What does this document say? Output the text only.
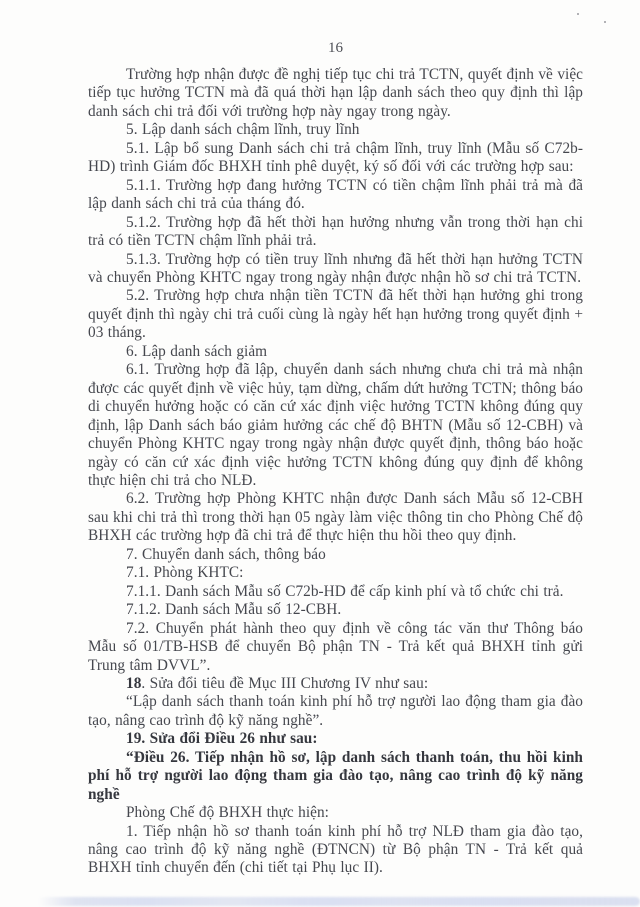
16

Trường hợp nhận được đề nghị tiếp tục chi trả TCTN, quyết định về việc tiếp tục hưởng TCTN mà đã quá thời hạn lập danh sách theo quy định thì lập danh sách chi trả đối với trường hợp này ngay trong ngày.

5. Lập danh sách chậm lĩnh, truy lĩnh

5.1. Lập bổ sung Danh sách chi trả chậm lĩnh, truy lĩnh (Mẫu số C72b-HD) trình Giám đốc BHXH tỉnh phê duyệt, ký số đối với các trường hợp sau:

5.1.1. Trường hợp đang hưởng TCTN có tiền chậm lĩnh phải trả mà đã lập danh sách chi trả của tháng đó.

5.1.2. Trường hợp đã hết thời hạn hưởng nhưng vẫn trong thời hạn chi trả có tiền TCTN chậm lĩnh phải trả.

5.1.3. Trường hợp có tiền truy lĩnh nhưng đã hết thời hạn hưởng TCTN và chuyển Phòng KHTC ngay trong ngày nhận được nhận hồ sơ chi trả TCTN.

5.2. Trường hợp chưa nhận tiền TCTN đã hết thời hạn hưởng ghi trong quyết định thì ngày chi trả cuối cùng là ngày hết hạn hưởng trong quyết định + 03 tháng.

6. Lập danh sách giảm

6.1. Trường hợp đã lập, chuyển danh sách nhưng chưa chi trả mà nhận được các quyết định về việc hủy, tạm dừng, chấm dứt hưởng TCTN; thông báo di chuyển hưởng hoặc có căn cứ xác định việc hưởng TCTN không đúng quy định, lập Danh sách báo giảm hưởng các chế độ BHTN (Mẫu số 12-CBH) và chuyển Phòng KHTC ngay trong ngày nhận được quyết định, thông báo hoặc ngày có căn cứ xác định việc hưởng TCTN không đúng quy định để không thực hiện chi trả cho NLĐ.

6.2. Trường hợp Phòng KHTC nhận được Danh sách Mẫu số 12-CBH sau khi chi trả thì trong thời hạn 05 ngày làm việc thông tin cho Phòng Chế độ BHXH các trường hợp đã chi trả để thực hiện thu hồi theo quy định.

7. Chuyển danh sách, thông báo

7.1. Phòng KHTC:

7.1.1. Danh sách Mẫu số C72b-HD để cấp kinh phí và tổ chức chi trả.

7.1.2. Danh sách Mẫu số 12-CBH.

7.2. Chuyển phát hành theo quy định về công tác văn thư Thông báo Mẫu số 01/TB-HSB để chuyển Bộ phận TN - Trả kết quả BHXH tỉnh gửi Trung tâm DVVL”.

18. Sửa đổi tiêu đề Mục III Chương IV như sau:

“Lập danh sách thanh toán kinh phí hỗ trợ người lao động tham gia đào tạo, nâng cao trình độ kỹ năng nghề”.

19. Sửa đổi Điều 26 như sau:

“Điều 26. Tiếp nhận hồ sơ, lập danh sách thanh toán, thu hồi kinh phí hỗ trợ người lao động tham gia đào tạo, nâng cao trình độ kỹ năng nghề

Phòng Chế độ BHXH thực hiện:

1. Tiếp nhận hồ sơ thanh toán kinh phí hỗ trợ NLĐ tham gia đào tạo, nâng cao trình độ kỹ năng nghề (ĐTNCN) từ Bộ phận TN - Trả kết quả BHXH tỉnh chuyển đến (chi tiết tại Phụ lục II).
